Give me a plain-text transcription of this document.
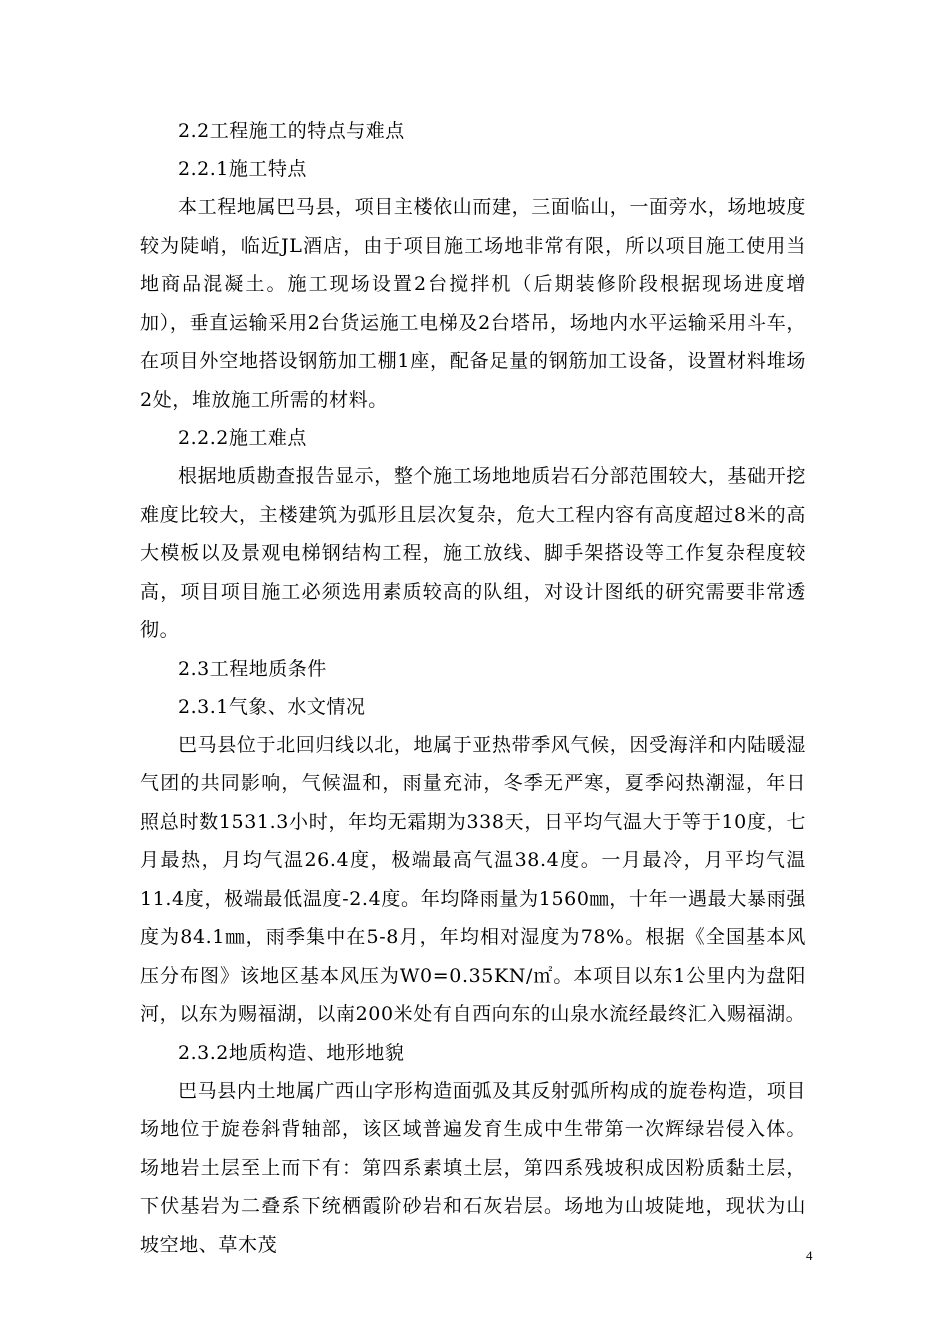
2.2工程施工的特点与难点
2.2.1施工特点

本工程地属巴马县，项目主楼依山而建，三面临山，一面旁水，场地坡度较为陡峭，临近JL酒店，由于项目施工场地非常有限，所以项目施工使用当地商品混凝土。施工现场设置2台搅拌机（后期装修阶段根据现场进度增加），垂直运输采用2台货运施工电梯及2台塔吊，场地内水平运输采用斗车，在项目外空地搭设钢筋加工棚1座，配备足量的钢筋加工设备，设置材料堆场2处，堆放施工所需的材料。

2.2.2施工难点

根据地质勘查报告显示，整个施工场地地质岩石分部范围较大，基础开挖难度比较大，主楼建筑为弧形且层次复杂，危大工程内容有高度超过8米的高大模板以及景观电梯钢结构工程，施工放线、脚手架搭设等工作复杂程度较高，项目项目施工必须选用素质较高的队组，对设计图纸的研究需要非常透彻。

2.3工程地质条件
2.3.1气象、水文情况

巴马县位于北回归线以北，地属于亚热带季风气候，因受海洋和内陆暖湿气团的共同影响，气候温和，雨量充沛，冬季无严寒，夏季闷热潮湿，年日照总时数1531.3小时，年均无霜期为338天，日平均气温大于等于10度，七月最热，月均气温26.4度，极端最高气温38.4度。一月最冷，月平均气温11.4度，极端最低温度-2.4度。年均降雨量为1560㎜，十年一遇最大暴雨强度为84.1㎜，雨季集中在5-8月，年均相对湿度为78%。根据《全国基本风压分布图》该地区基本风压为W0=0.35KN/㎡。本项目以东1公里内为盘阳河，以东为赐福湖，以南200米处有自西向东的山泉水流经最终汇入赐福湖。

2.3.2地质构造、地形地貌

巴马县内土地属广西山字形构造面弧及其反射弧所构成的旋卷构造，项目场地位于旋卷斜背轴部，该区域普遍发育生成中生带第一次辉绿岩侵入体。场地岩土层至上而下有：第四系素填土层，第四系残坡积成因粉质黏土层，下伏基岩为二叠系下统栖霞阶砂岩和石灰岩层。场地为山坡陡地，现状为山坡空地、草木茂	4
